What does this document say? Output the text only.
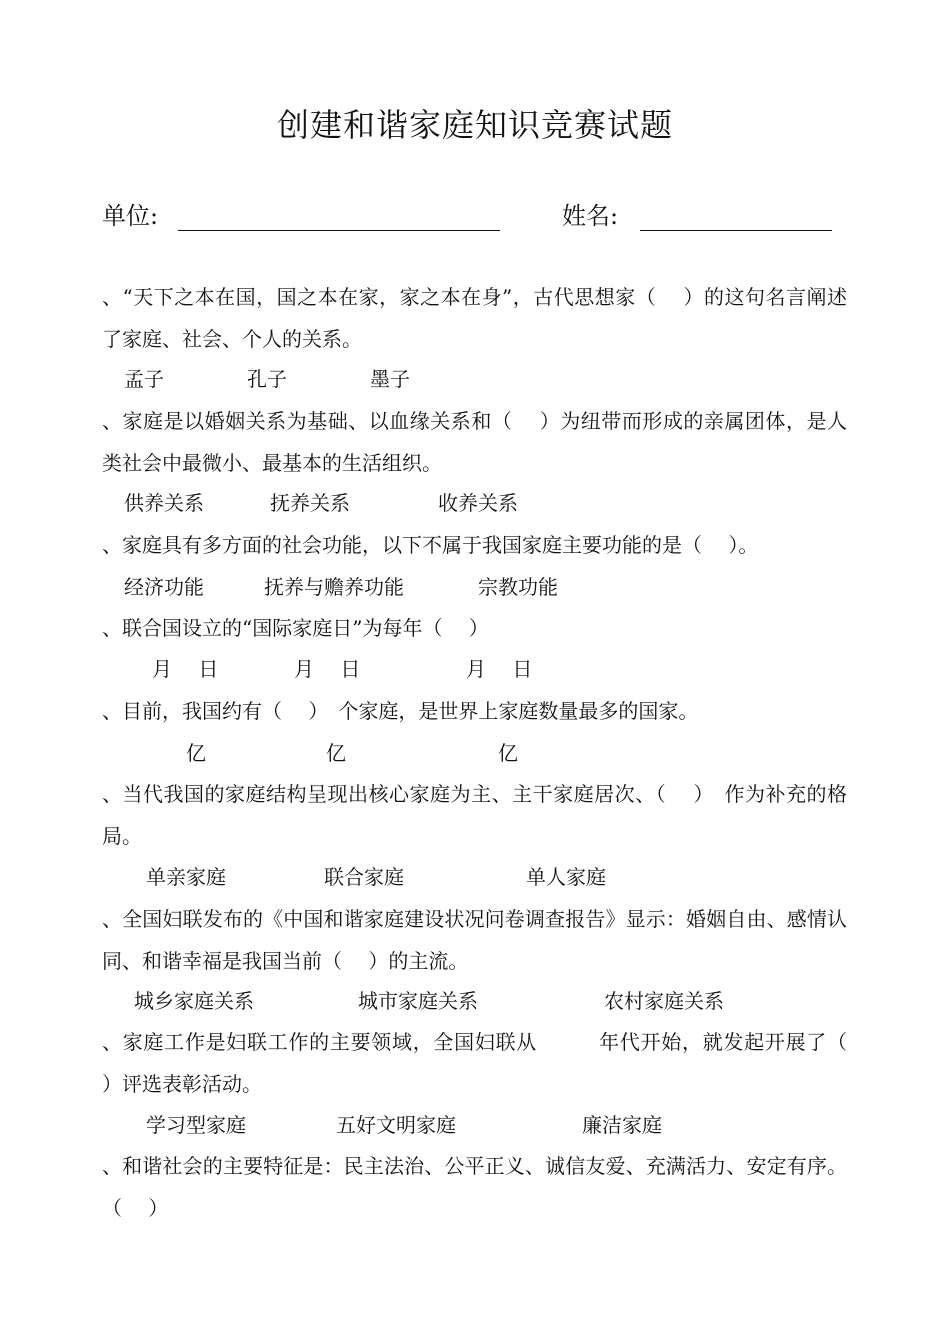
创建和谐家庭知识竞赛试题
单位:	姓名:
、“天下之本在国，国之本在家，家之本在身”，古代思想家（　 ）的这句名言阐述了家庭、社会、个人的关系。
孟子	孔子	墨子
、家庭是以婚姻关系为基础、以血缘关系和（　 ）为纽带而形成的亲属团体，是人类社会中最微小、最基本的生活组织。
供养关系	抚养关系	收养关系
、家庭具有多方面的社会功能，以下不属于我国家庭主要功能的是（　 ）。
经济功能	抚养与赡养功能	宗教功能
、联合国设立的“国际家庭日”为每年（　 ）
月　 日	月　 日	月　 日
、目前，我国约有（　 ）　个家庭，是世界上家庭数量最多的国家。
亿	亿	亿
、当代我国的家庭结构呈现出核心家庭为主、主干家庭居次、（　 ）　作为补充的格局。
单亲家庭	联合家庭	单人家庭
、全国妇联发布的《中国和谐家庭建设状况问卷调查报告》显示：婚姻自由、感情认同、和谐幸福是我国当前（　 ）的主流。
城乡家庭关系	城市家庭关系	农村家庭关系
、家庭工作是妇联工作的主要领域，全国妇联从　　　年代开始，就发起开展了（　 ）评选表彰活动。
学习型家庭	五好文明家庭	廉洁家庭
、和谐社会的主要特征是：民主法治、公平正义、诚信友爱、充满活力、安定有序。（　 ）
